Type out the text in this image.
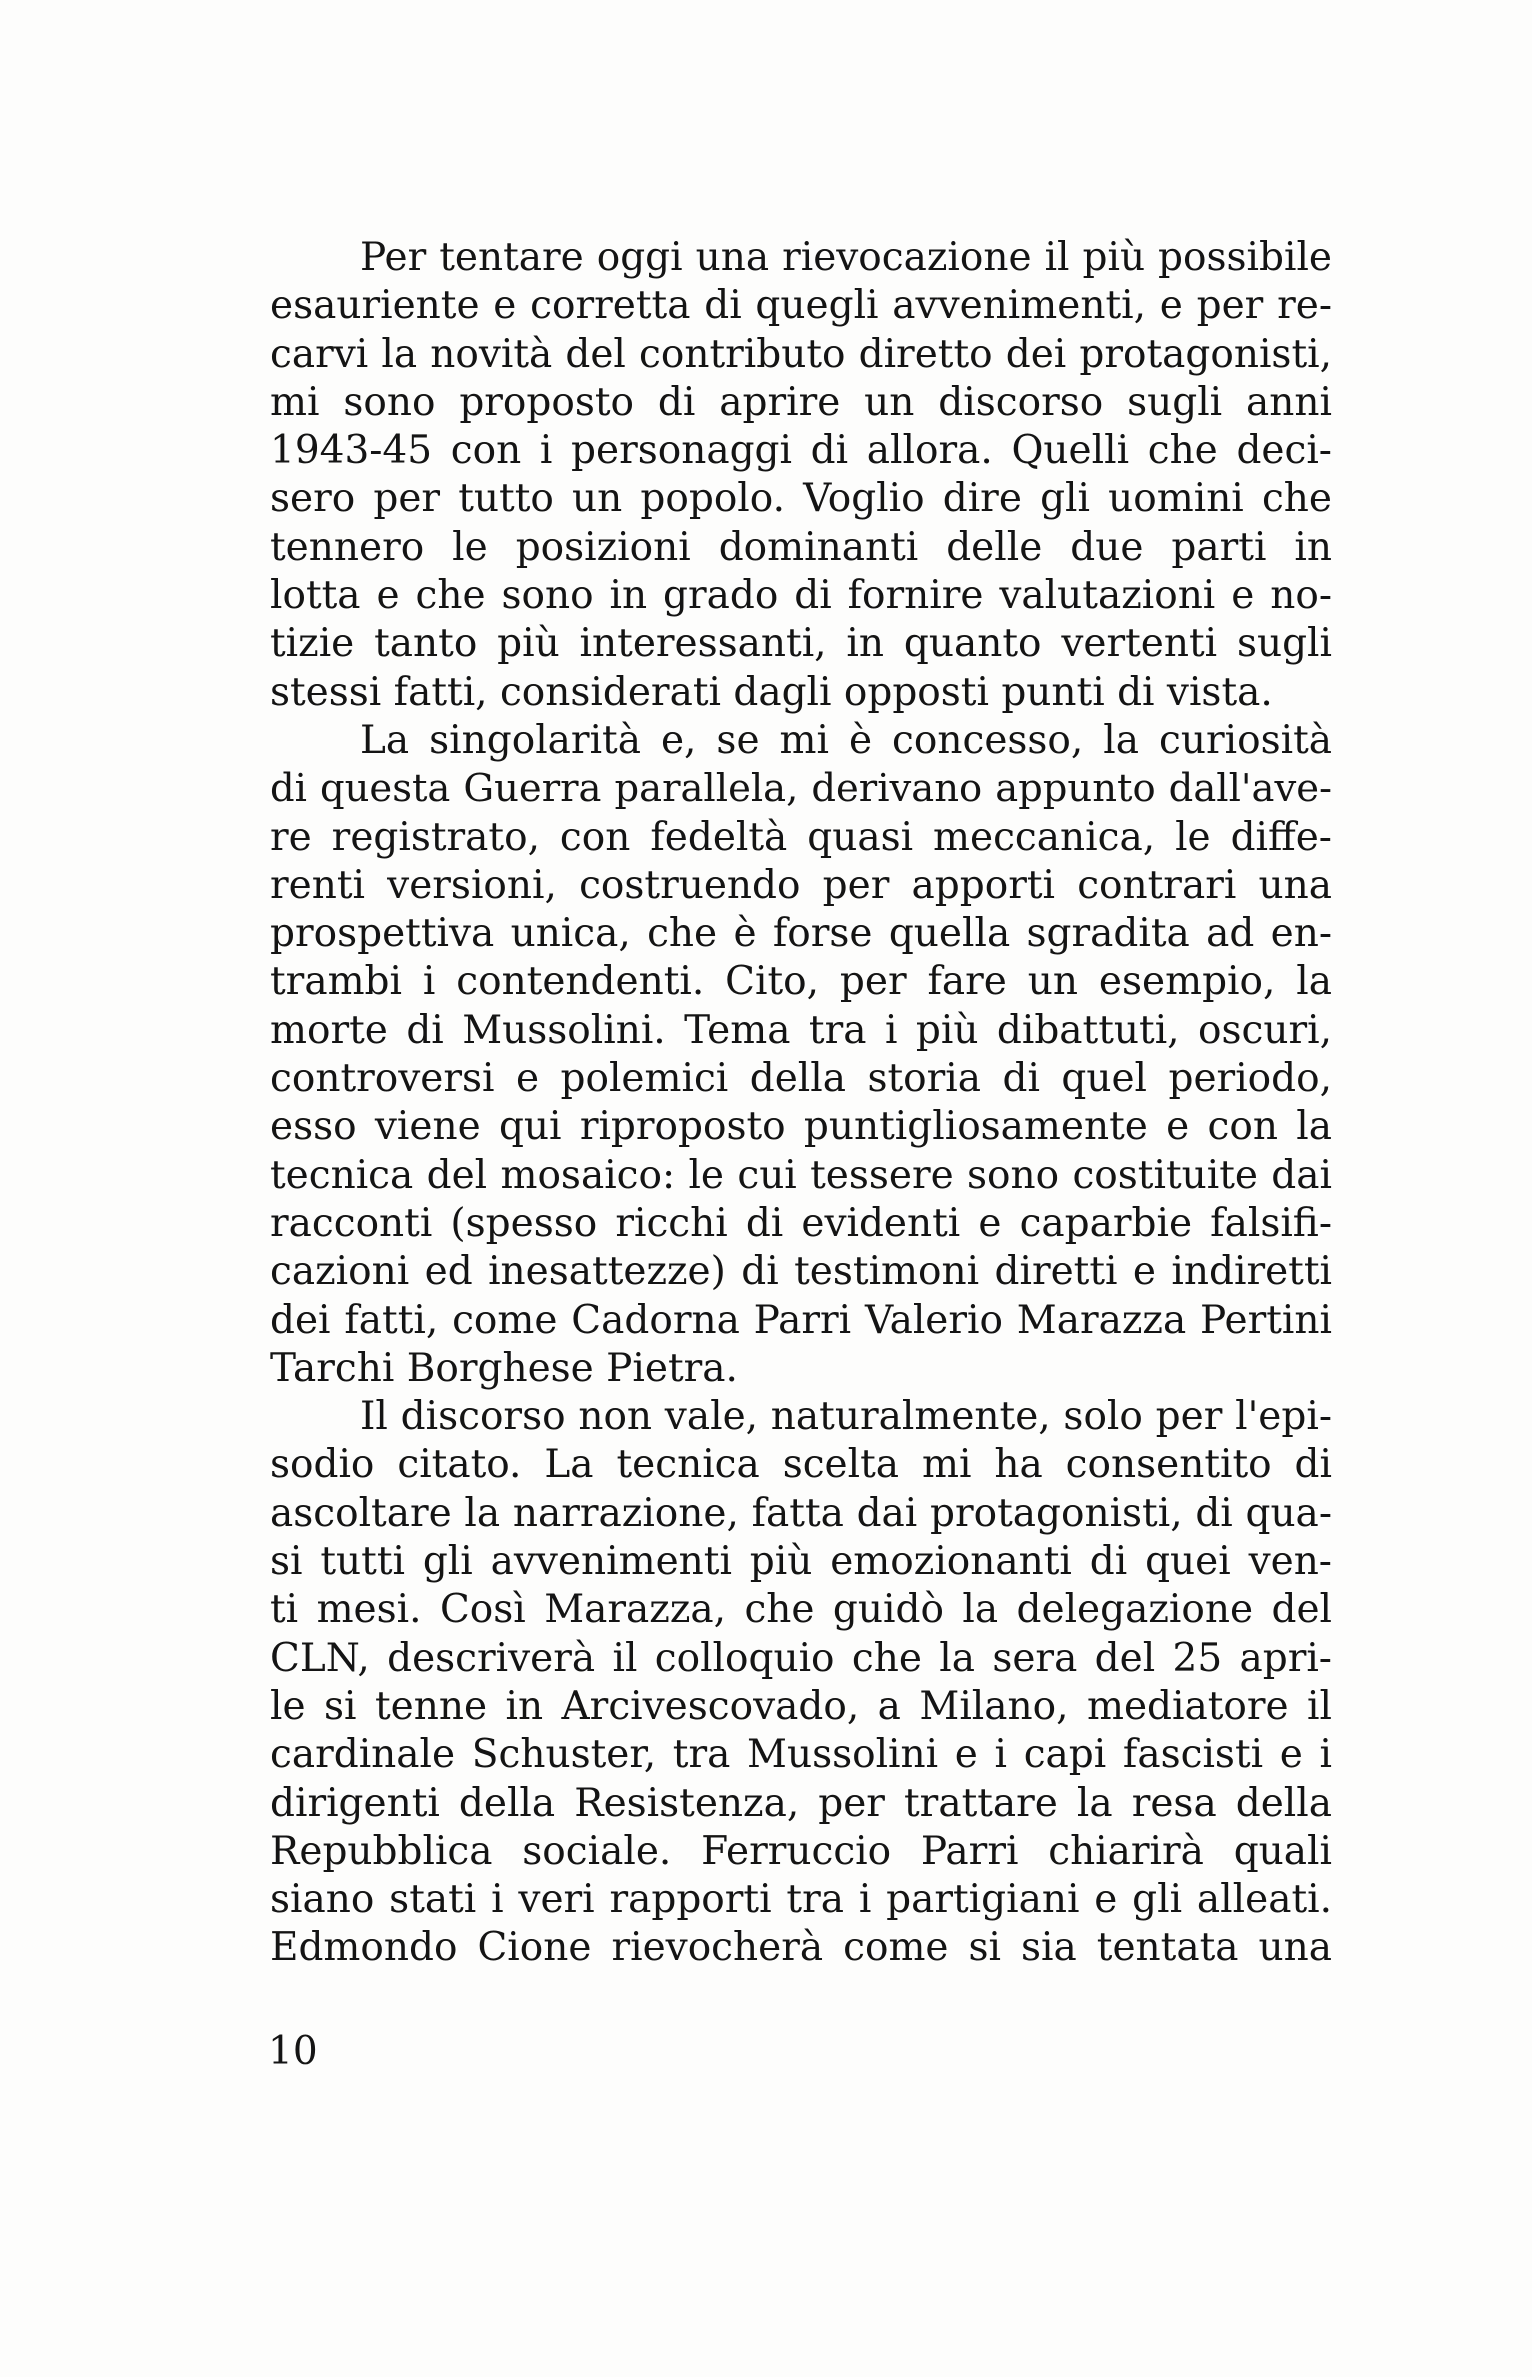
Per tentare oggi una rievocazione il più possibile
esauriente e corretta di quegli avvenimenti, e per re-
carvi la novità del contributo diretto dei protagonisti,
mi sono proposto di aprire un discorso sugli anni
1943-45 con i personaggi di allora. Quelli che deci-
sero per tutto un popolo. Voglio dire gli uomini che
tennero le posizioni dominanti delle due parti in
lotta e che sono in grado di fornire valutazioni e no-
tizie tanto più interessanti, in quanto vertenti sugli
stessi fatti, considerati dagli opposti punti di vista.
La singolarità e, se mi è concesso, la curiosità
di questa Guerra parallela, derivano appunto dall'ave-
re registrato, con fedeltà quasi meccanica, le diffe-
renti versioni, costruendo per apporti contrari una
prospettiva unica, che è forse quella sgradita ad en-
trambi i contendenti. Cito, per fare un esempio, la
morte di Mussolini. Tema tra i più dibattuti, oscuri,
controversi e polemici della storia di quel periodo,
esso viene qui riproposto puntigliosamente e con la
tecnica del mosaico: le cui tessere sono costituite dai
racconti (spesso ricchi di evidenti e caparbie falsifi-
cazioni ed inesattezze) di testimoni diretti e indiretti
dei fatti, come Cadorna Parri Valerio Marazza Pertini
Tarchi Borghese Pietra.
Il discorso non vale, naturalmente, solo per l'epi-
sodio citato. La tecnica scelta mi ha consentito di
ascoltare la narrazione, fatta dai protagonisti, di qua-
si tutti gli avvenimenti più emozionanti di quei ven-
ti mesi. Così Marazza, che guidò la delegazione del
CLN, descriverà il colloquio che la sera del 25 apri-
le si tenne in Arcivescovado, a Milano, mediatore il
cardinale Schuster, tra Mussolini e i capi fascisti e i
dirigenti della Resistenza, per trattare la resa della
Repubblica sociale. Ferruccio Parri chiarirà quali
siano stati i veri rapporti tra i partigiani e gli alleati.
Edmondo Cione rievocherà come si sia tentata una
10
